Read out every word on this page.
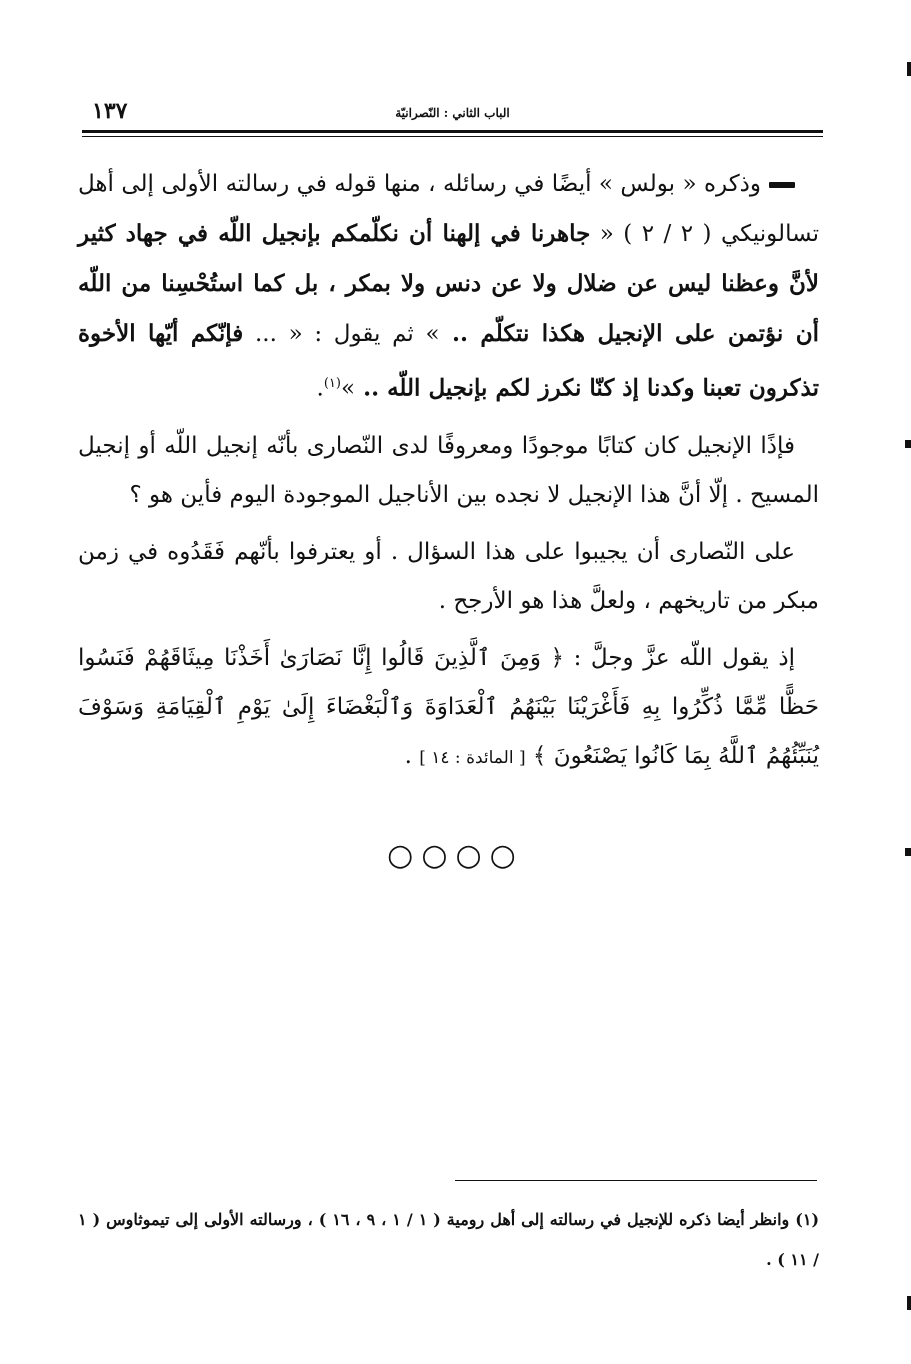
١٣٧	الباب الثاني : النّصرانيّة

وذكره « بولس » أيضًا في رسائله ، منها قوله في رسالته الأولى إلى أهل تسالونيكي ( ٢ / ٢ ) « جاهرنا في إلهنا أن نكلّمكم بإنجيل اللّه في جهاد كثير لأنَّ وعظنا ليس عن ضلال ولا عن دنس ولا بمكر ، بل كما استُحْسِنا من اللّه أن نؤتمن على الإنجيل هكذا نتكلّم .. » ثم يقول : « ... فإنّكم أيّها الأخوة تذكرون تعبنا وكدنا إذ كنّا نكرز لكم بإنجيل اللّه .. »$^{(١)}$.

فإذًا الإنجيل كان كتابًا موجودًا ومعروفًا لدى النّصارى بأنّه إنجيل اللّه أو إنجيل المسيح . إلّا أنَّ هذا الإنجيل لا نجده بين الأناجيل الموجودة اليوم فأين هو ؟

على النّصارى أن يجيبوا على هذا السؤال . أو يعترفوا بأنّهم فَقَدُوه في زمن مبكر من تاريخهم ، ولعلَّ هذا هو الأرجح .

إذ يقول اللّه عزَّ وجلَّ : ﴿ وَمِنَ ٱلَّذِينَ قَالُوا إِنَّا نَصَارَىٰ أَخَذْنَا مِيثَاقَهُمْ فَنَسُوا حَظًّا مِّمَّا ذُكِّرُوا بِهِ فَأَغْرَيْنَا بَيْنَهُمُ ٱلْعَدَاوَةَ وَٱلْبَغْضَاءَ إِلَىٰ يَوْمِ ٱلْقِيَامَةِ وَسَوْفَ يُنَبِّئُهُمُ ٱللَّهُ بِمَا كَانُوا يَصْنَعُونَ ﴾ [ المائدة : ١٤ ] .

○○○○
(١) وانظر أيضا ذكره للإنجيل في رسالته إلى أهل رومية ( ١ / ١ ، ٩ ، ١٦ ) ، ورسالته الأولى إلى تيموثاوس ( ١ / ١١ ) .
